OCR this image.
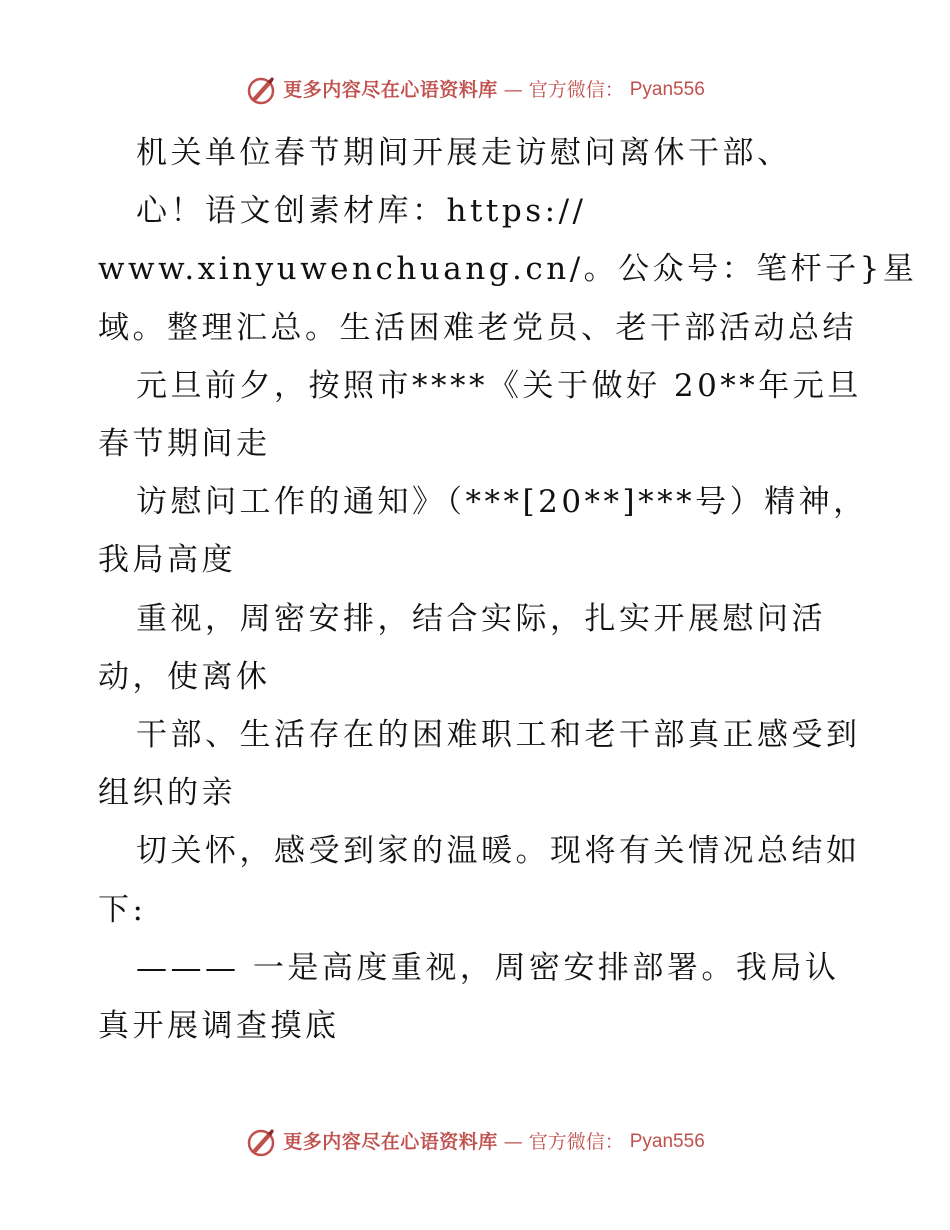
更多内容尽在心语资料库 — 官方微信： Pyan556
机关单位春节期间开展走访慰问离休干部、
心！语文创素材库：https://
www.xinyuwenchuang.cn/。公众号：笔杆子}星
域。整理汇总。生活困难老党员、老干部活动总结
元旦前夕，按照市****《关于做好 20**年元旦
春节期间走
访慰问工作的通知》（***[20**]***号）精神，
我局高度
重视，周密安排，结合实际，扎实开展慰问活
动，使离休
干部、生活存在的困难职工和老干部真正感受到
组织的亲
切关怀，感受到家的温暖。现将有关情况总结如
下:
——— 一是高度重视，周密安排部署。我局认
真开展调查摸底
更多内容尽在心语资料库 — 官方微信： Pyan556
